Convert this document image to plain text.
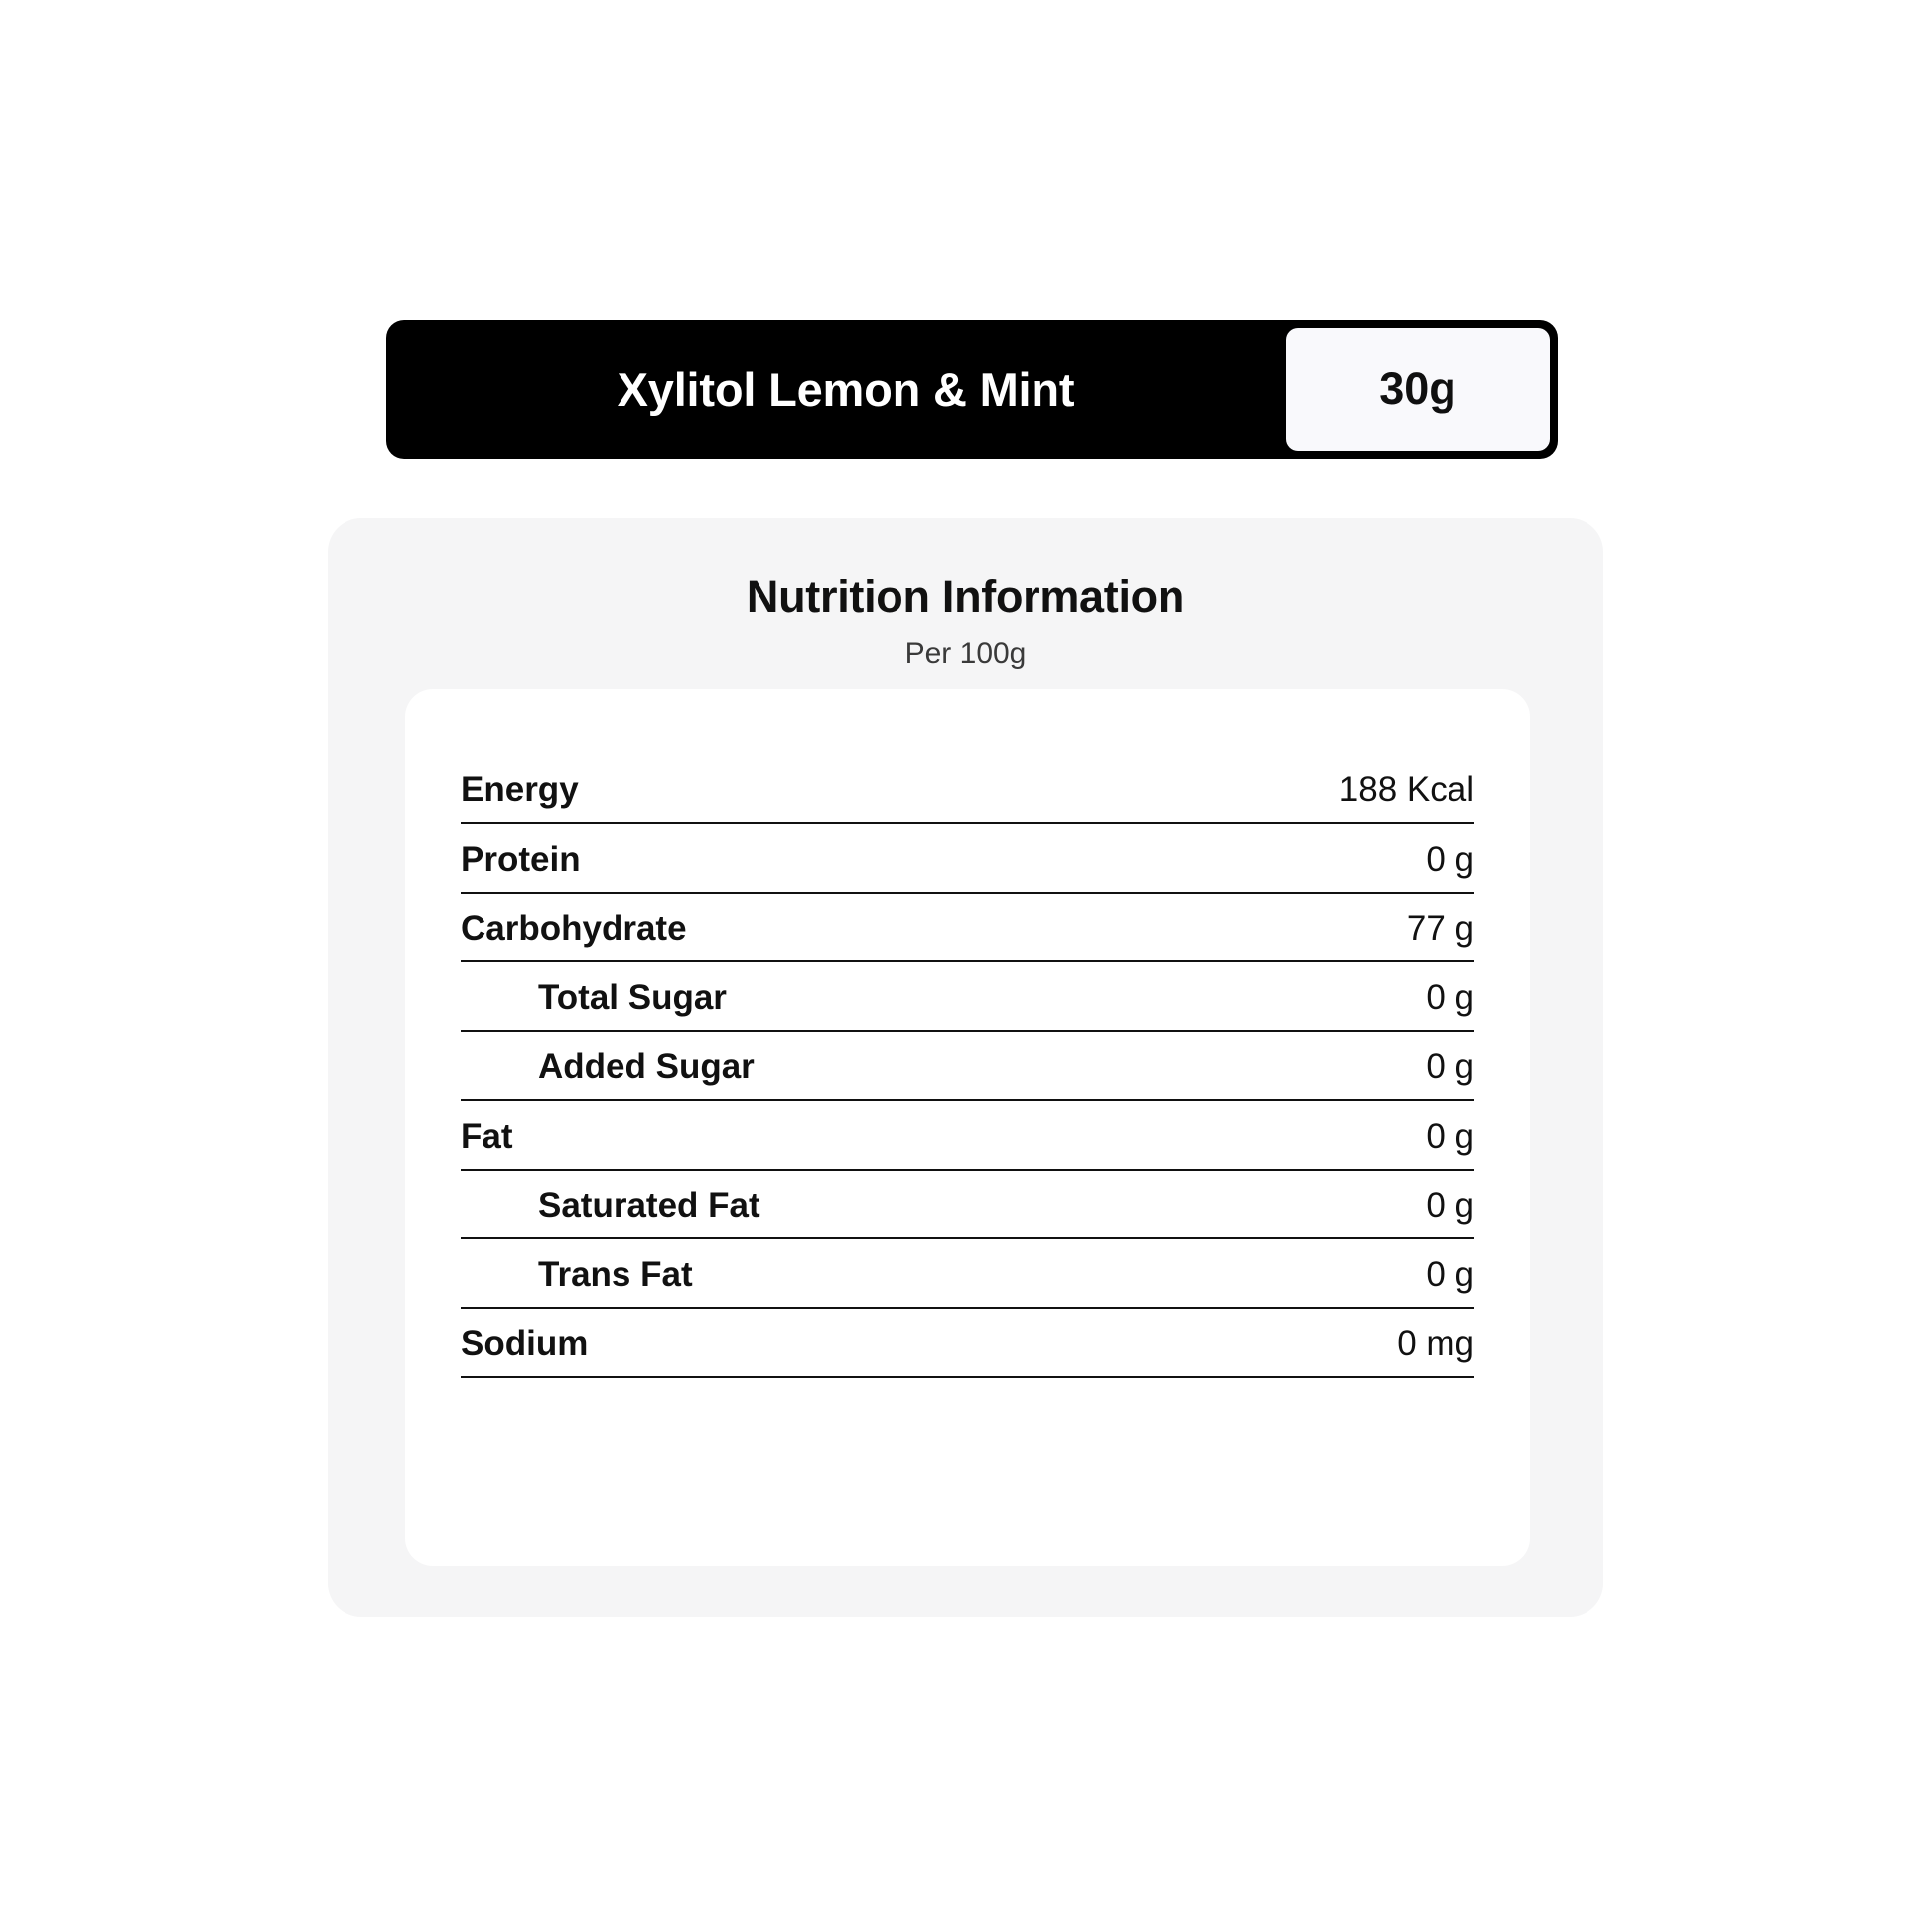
Xylitol Lemon & Mint	30g
Nutrition Information
Per 100g
Energy	188 Kcal
Protein	0 g
Carbohydrate	77 g
Total Sugar	0 g
Added Sugar	0 g
Fat	0 g
Saturated Fat	0 g
Trans Fat	0 g
Sodium	0 mg
